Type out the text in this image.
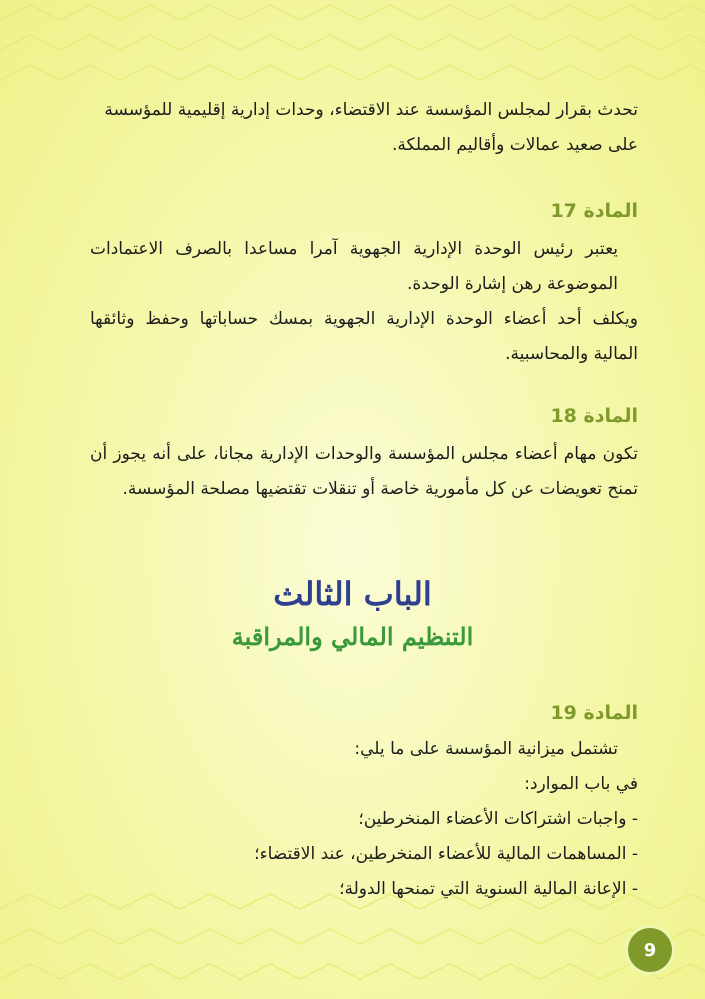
تحدث بقرار لمجلس المؤسسة عند الاقتضاء، وحدات إدارية إقليمية للمؤسسة

على صعيد عمالات وأقاليم المملكة.

المادة 17

يعتبر رئيس الوحدة الإدارية الجهوية آمرا مساعدا بالصرف الاعتمادات الموضوعة رهن إشارة الوحدة.

ويكلف أحد أعضاء الوحدة الإدارية الجهوية بمسك حساباتها وحفظ وثائقها المالية والمحاسبية.

المادة 18

تكون مهام أعضاء مجلس المؤسسة والوحدات الإدارية مجانا، على أنه يجوز أن تمنح تعويضات عن كل مأمورية خاصة أو تنقلات تقتضيها مصلحة المؤسسة.

الباب الثالث
التنظيم المالي والمراقبة
المادة 19

تشتمل ميزانية المؤسسة على ما يلي:

في باب الموارد:

- واجبات اشتراكات الأعضاء المنخرطين؛

- المساهمات المالية للأعضاء المنخرطين، عند الاقتضاء؛

- الإعانة المالية السنوية التي تمنحها الدولة؛

9
